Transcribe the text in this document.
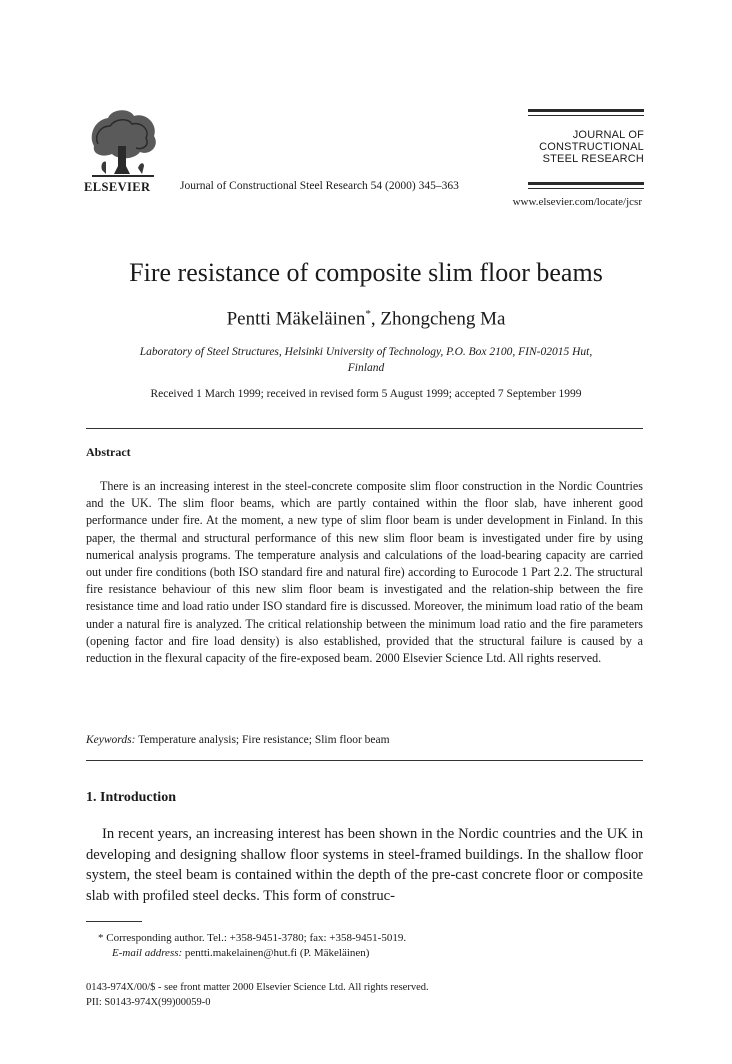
ELSEVIER	Journal of Constructional Steel Research 54 (2000) 345–363
www.elsevier.com/locate/jcsr
JOURNAL OF
CONSTRUCTIONAL
STEEL RESEARCH
Fire resistance of composite slim floor beams
Pentti Mäkeläinen*, Zhongcheng Ma
Laboratory of Steel Structures, Helsinki University of Technology, P.O. Box 2100, FIN-02015 Hut,
Finland
Received 1 March 1999; received in revised form 5 August 1999; accepted 7 September 1999
Abstract

There is an increasing interest in the steel-concrete composite slim floor construction in the Nordic Countries and the UK. The slim floor beams, which are partly contained within the floor slab, have inherent good performance under fire. At the moment, a new type of slim floor beam is under development in Finland. In this paper, the thermal and structural performance of this new slim floor beam is investigated under fire by using numerical analysis programs. The temperature analysis and calculations of the load-bearing capacity are carried out under fire conditions (both ISO standard fire and natural fire) according to Eurocode 1 Part 2.2. The structural fire resistance behaviour of this new slim floor beam is investigated and the relation-ship between the fire resistance time and load ratio under ISO standard fire is discussed. Moreover, the minimum load ratio of the beam under a natural fire is analyzed. The critical relationship between the minimum load ratio and the fire parameters (opening factor and fire load density) is also established, provided that the structural failure is caused by a reduction in the flexural capacity of the fire-exposed beam. 2000 Elsevier Science Ltd. All rights reserved.

Keywords: Temperature analysis; Fire resistance; Slim floor beam
1. Introduction

In recent years, an increasing interest has been shown in the Nordic countries and the UK in developing and designing shallow floor systems in steel-framed buildings. In the shallow floor system, the steel beam is contained within the depth of the pre-cast concrete floor or composite slab with profiled steel decks. This form of construc-

* Corresponding author. Tel.: +358-9451-3780; fax: +358-9451-5019.
E-mail address: pentti.makelainen@hut.fi (P. Mäkeläinen)
0143-974X/00/$ - see front matter 2000 Elsevier Science Ltd. All rights reserved.
PII: S0143-974X(99)00059-0
